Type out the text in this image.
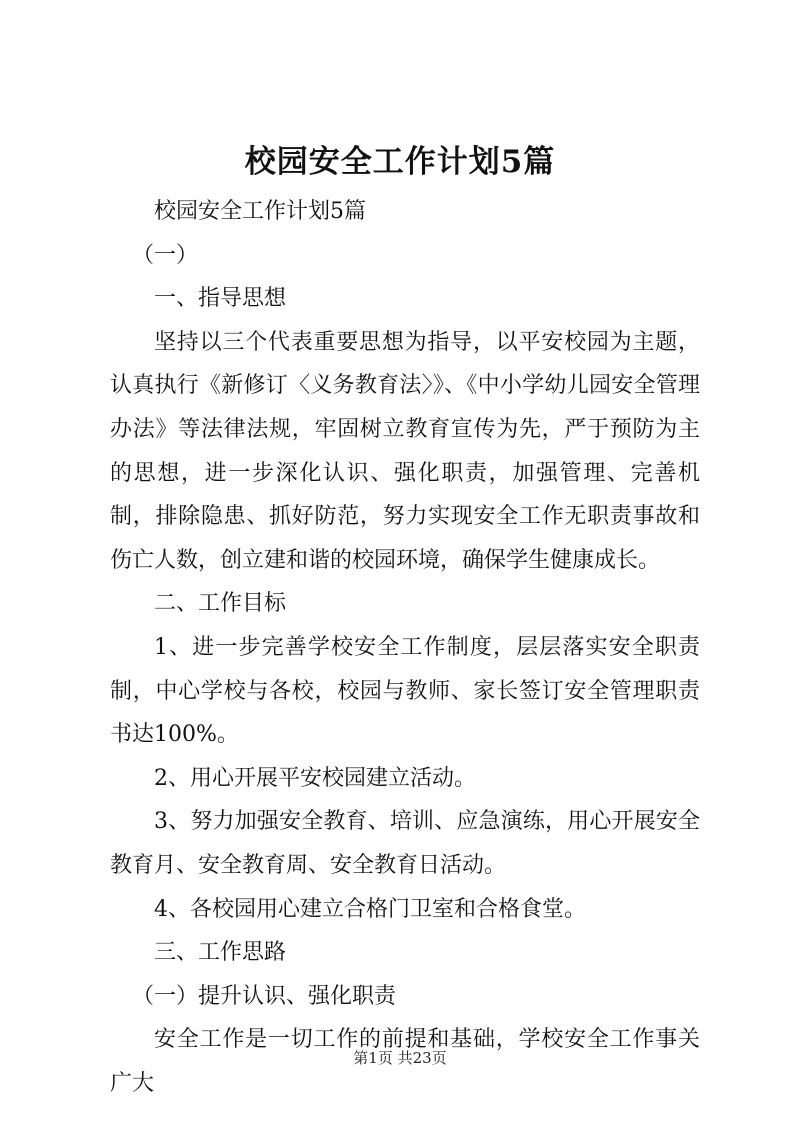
校园安全工作计划5篇

校园安全工作计划5篇

（一）

一、指导思想

坚持以三个代表重要思想为指导，以平安校园为主题，认真执行《新修订〈义务教育法〉》、《中小学幼儿园安全管理办法》等法律法规，牢固树立教育宣传为先，严于预防为主的思想，进一步深化认识、强化职责，加强管理、完善机制，排除隐患、抓好防范，努力实现安全工作无职责事故和伤亡人数，创立建和谐的校园环境，确保学生健康成长。

二、工作目标

1、进一步完善学校安全工作制度，层层落实安全职责制，中心学校与各校，校园与教师、家长签订安全管理职责书达100%。

2、用心开展平安校园建立活动。

3、努力加强安全教育、培训、应急演练，用心开展安全教育月、安全教育周、安全教育日活动。

4、各校园用心建立合格门卫室和合格食堂。

三、工作思路

（一）提升认识、强化职责

安全工作是一切工作的前提和基础，学校安全工作事关广大

第1页 共23页
